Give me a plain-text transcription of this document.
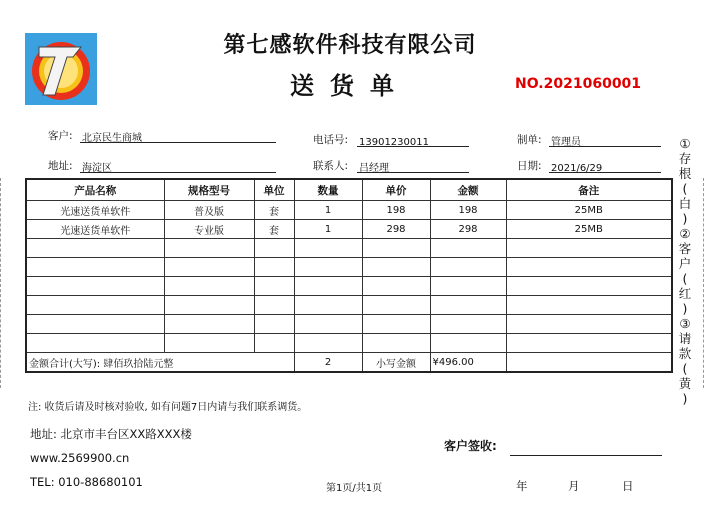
第七感软件科技有限公司
送货单	NO.2021060001
客户: 北京民生商城	电话号: 13901230011	制单: 管理员
地址: 海淀区	联系人: 吕经理	日期: 2021/6/29
产品名称	规格型号	单位	数量	单价	金额	备注
光速送货单软件	普及版	套	1	198	198	25MB
光速送货单软件	专业版	套	1	298	298	25MB

金额合计(大写): 肆佰玖拾陆元整			2	小写金额	¥496.00	
①
存
根
(
白
)
②
客
户
(
红
)
③
请
款
(
黄
)
注: 收货后请及时核对验收, 如有问题7日内请与我们联系调货。
地址: 北京市丰台区XX路XXX楼
www.2569900.cn
TEL: 010-88680101	第1页/共1页
客户签收:
年	月	日
